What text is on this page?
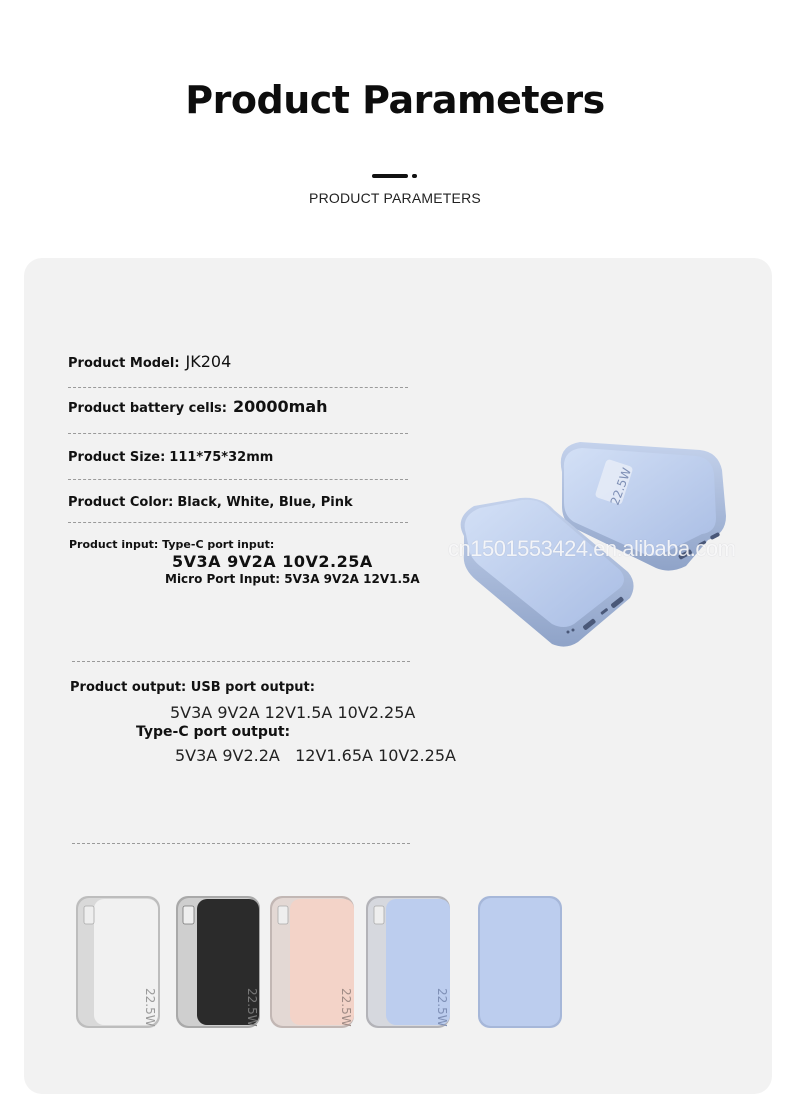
Product Parameters
PRODUCT PARAMETERS
Product Model: JK204
Product battery cells: 20000mah
Product Size: 111*75*32mm
Product Color: Black, White, Blue, Pink
Product input: Type-C port input:
5V3A 9V2A 10V2.25A
Micro Port Input: 5V3A 9V2A 12V1.5A
Product output: USB port output:
5V3A 9V2A 12V1.5A 10V2.25A
Type-C port output:
5V3A 9V2.2A   12V1.65A 10V2.25A
22.5W
cn1501553424.en.alibaba.com
22.5W	22.5W	22.5W	22.5W
